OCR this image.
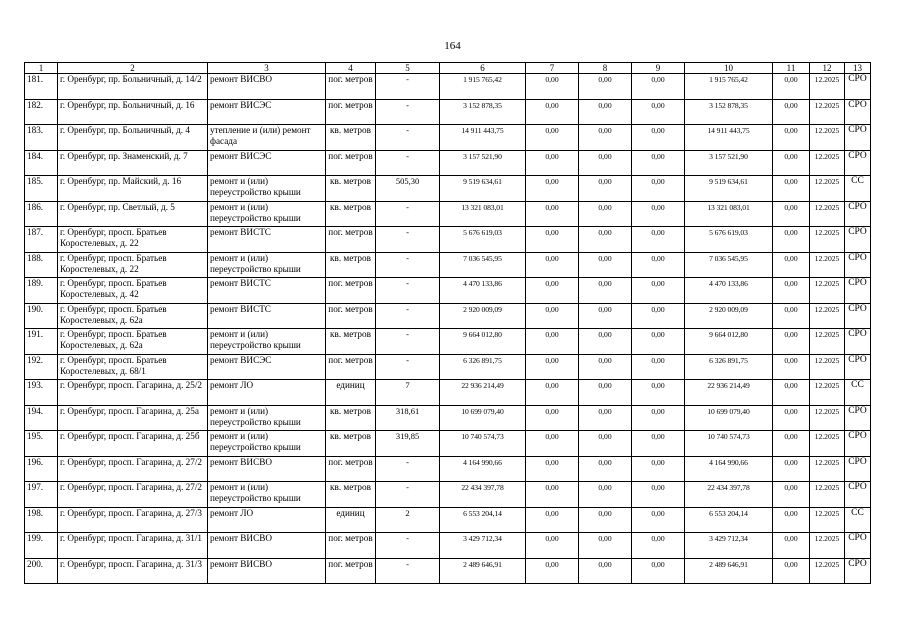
164
1	2	3	4	5	6	7	8	9	10	11	12	13
181.	г. Оренбург, пр. Больничный, д. 14/2	ремонт ВИСВО	пог. метров	-	1 915 765,42	0,00	0,00	0,00	1 915 765,42	0,00	12.2025	СРО
182.	г. Оренбург, пр. Больничный, д. 16	ремонт ВИСЭС	пог. метров	-	3 152 878,35	0,00	0,00	0,00	3 152 878,35	0,00	12.2025	СРО
183.	г. Оренбург, пр. Больничный, д. 4	утепление и (или) ремонт фасада	кв. метров	-	14 911 443,75	0,00	0,00	0,00	14 911 443,75	0,00	12.2025	СРО
184.	г. Оренбург, пр. Знаменский, д. 7	ремонт ВИСЭС	пог. метров	-	3 157 521,90	0,00	0,00	0,00	3 157 521,90	0,00	12.2025	СРО
185.	г. Оренбург, пр. Майский, д. 16	ремонт и (или) переустройство крыши	кв. метров	505,30	9 519 634,61	0,00	0,00	0,00	9 519 634,61	0,00	12.2025	СС
186.	г. Оренбург, пр. Светлый, д. 5	ремонт и (или) переустройство крыши	кв. метров	-	13 321 083,01	0,00	0,00	0,00	13 321 083,01	0,00	12.2025	СРО
187.	г. Оренбург, просп. Братьев Коростелевых, д. 22	ремонт ВИСТС	пог. метров	-	5 676 619,03	0,00	0,00	0,00	5 676 619,03	0,00	12.2025	СРО
188.	г. Оренбург, просп. Братьев Коростелевых, д. 22	ремонт и (или) переустройство крыши	кв. метров	-	7 036 545,95	0,00	0,00	0,00	7 036 545,95	0,00	12.2025	СРО
189.	г. Оренбург, просп. Братьев Коростелевых, д. 42	ремонт ВИСТС	пог. метров	-	4 470 133,86	0,00	0,00	0,00	4 470 133,86	0,00	12.2025	СРО
190.	г. Оренбург, просп. Братьев Коростелевых, д. 62а	ремонт ВИСТС	пог. метров	-	2 920 009,09	0,00	0,00	0,00	2 920 009,09	0,00	12.2025	СРО
191.	г. Оренбург, просп. Братьев Коростелевых, д. 62а	ремонт и (или) переустройство крыши	кв. метров	-	9 664 012,80	0,00	0,00	0,00	9 664 012,80	0,00	12.2025	СРО
192.	г. Оренбург, просп. Братьев Коростелевых, д. 68/1	ремонт ВИСЭС	пог. метров	-	6 326 891,75	0,00	0,00	0,00	6 326 891,75	0,00	12.2025	СРО
193.	г. Оренбург, просп. Гагарина, д. 25/2	ремонт ЛО	единиц	7	22 936 214,49	0,00	0,00	0,00	22 936 214,49	0,00	12.2025	СС
194.	г. Оренбург, просп. Гагарина, д. 25а	ремонт и (или) переустройство крыши	кв. метров	318,61	10 699 079,40	0,00	0,00	0,00	10 699 079,40	0,00	12.2025	СРО
195.	г. Оренбург, просп. Гагарина, д. 25б	ремонт и (или) переустройство крыши	кв. метров	319,85	10 740 574,73	0,00	0,00	0,00	10 740 574,73	0,00	12.2025	СРО
196.	г. Оренбург, просп. Гагарина, д. 27/2	ремонт ВИСВО	пог. метров	-	4 164 990,66	0,00	0,00	0,00	4 164 990,66	0,00	12.2025	СРО
197.	г. Оренбург, просп. Гагарина, д. 27/2	ремонт и (или) переустройство крыши	кв. метров	-	22 434 397,78	0,00	0,00	0,00	22 434 397,78	0,00	12.2025	СРО
198.	г. Оренбург, просп. Гагарина, д. 27/3	ремонт ЛО	единиц	2	6 553 204,14	0,00	0,00	0,00	6 553 204,14	0,00	12.2025	СС
199.	г. Оренбург, просп. Гагарина, д. 31/1	ремонт ВИСВО	пог. метров	-	3 429 712,34	0,00	0,00	0,00	3 429 712,34	0,00	12.2025	СРО
200.	г. Оренбург, просп. Гагарина, д. 31/3	ремонт ВИСВО	пог. метров	-	2 489 646,91	0,00	0,00	0,00	2 489 646,91	0,00	12.2025	СРО
